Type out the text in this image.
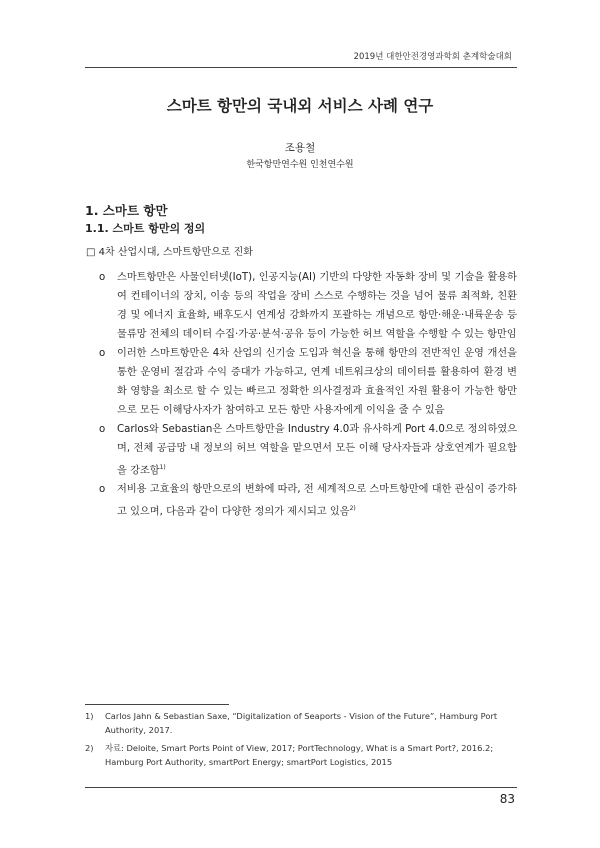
2019년 대한안전경영과학회 춘계학술대회
스마트 항만의 국내외 서비스 사례 연구
조용철
한국항만연수원 인천연수원
1. 스마트 항만
1.1. 스마트 항만의 정의
□ 4차 산업시대, 스마트항만으로 진화
o 스마트항만은 사물인터넷(IoT), 인공지능(AI) 기반의 다양한 자동화 장비 및 기술을 활용하여 컨테이너의 장치, 이송 등의 작업을 장비 스스로 수행하는 것을 넘어 물류 최적화, 친환경 및 에너지 효율화, 배후도시 연계성 강화까지 포괄하는 개념으로 항만·해운·내륙운송 등 물류망 전체의 데이터 수집·가공·분석·공유 등이 가능한 허브 역할을 수행할 수 있는 항만임
o 이러한 스마트항만은 4차 산업의 신기술 도입과 혁신을 통해 항만의 전반적인 운영 개선을 통한 운영비 절감과 수익 증대가 가능하고, 연계 네트워크상의 데이터를 활용하여 환경 변화 영향을 최소로 할 수 있는 빠르고 정확한 의사결정과 효율적인 자원 활용이 가능한 항만으로 모든 이해당사자가 참여하고 모든 항만 사용자에게 이익을 줄 수 있음
o Carlos와 Sebastian은 스마트항만을 Industry 4.0과 유사하게 Port 4.0으로 정의하였으며, 전체 공급망 내 정보의 허브 역할을 맡으면서 모든 이해 당사자들과 상호연계가 필요함을 강조함$^{1)}$
o 저비용 고효율의 항만으로의 변화에 따라, 전 세계적으로 스마트항만에 대한 관심이 증가하고 있으며, 다음과 같이 다양한 정의가 제시되고 있음$^{2)}$
1) Carlos Jahn & Sebastian Saxe, “Digitalization of Seaports - Vision of the Future”, Hamburg Port Authority, 2017.
2) 자료: Deloite, Smart Ports Point of View, 2017; PortTechnology, What is a Smart Port?, 2016.2; Hamburg Port Authority, smartPort Energy; smartPort Logistics, 2015
83
